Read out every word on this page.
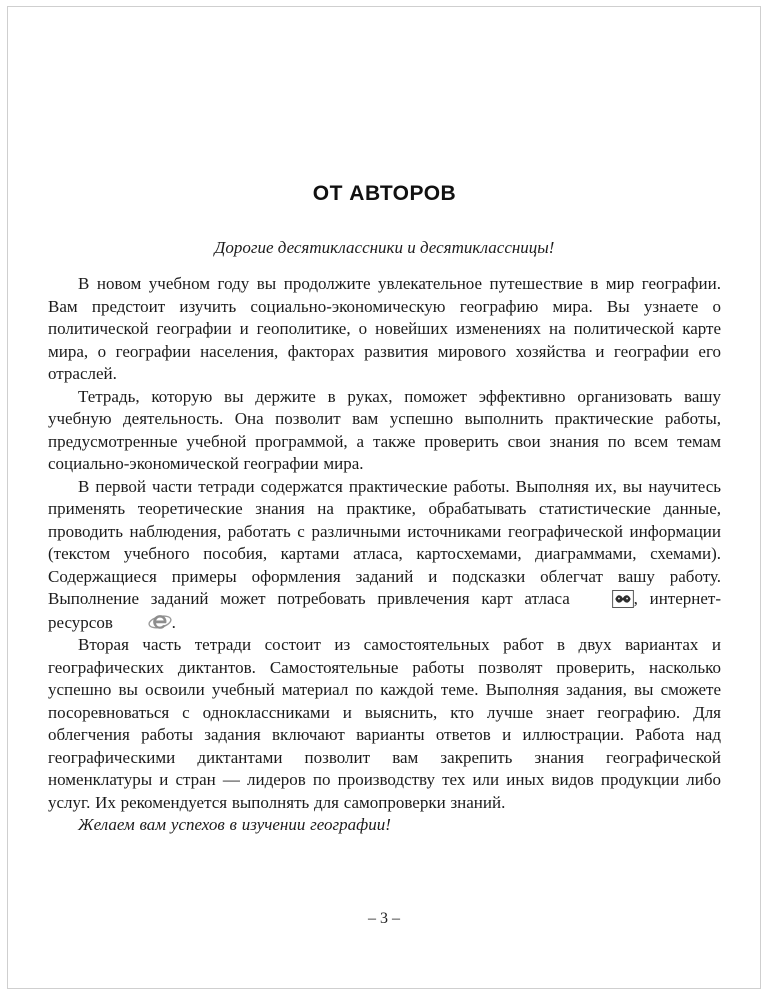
ОТ АВТОРОВ

Дорогие десятиклассники и десятиклассницы!

В новом учебном году вы продолжите увлекательное путешествие в мир географии. Вам предстоит изучить социально-экономическую географию мира. Вы узнаете о политической географии и геополитике, о новейших изменениях на политической карте мира, о географии населения, факторах развития мирового хозяйства и географии его отраслей.

Тетрадь, которую вы держите в руках, поможет эффективно организовать вашу учебную деятельность. Она позволит вам успешно выполнить практические работы, предусмотренные учебной программой, а также проверить свои знания по всем темам социально-экономической географии мира.

В первой части тетради содержатся практические работы. Выполняя их, вы научитесь применять теоретические знания на практике, обрабатывать статистические данные, проводить наблюдения, работать с различными источниками географической информации (текстом учебного пособия, картами атласа, картосхемами, диаграммами, схемами). Содержащиеся примеры оформления заданий и подсказки облегчат вашу работу. Выполнение заданий может потребовать привлечения карт атласа	, интернет-ресурсов	.

Вторая часть тетради состоит из самостоятельных работ в двух вариантах и географических диктантов. Самостоятельные работы позволят проверить, насколько успешно вы освоили учебный материал по каждой теме. Выполняя задания, вы сможете посоревноваться с одноклассниками и выяснить, кто лучше знает географию. Для облегчения работы задания включают варианты ответов и иллюстрации. Работа над географическими диктантами позволит вам закрепить знания географической номенклатуры и стран — лидеров по производству тех или иных видов продукции либо услуг. Их рекомендуется выполнять для самопроверки знаний.

Желаем вам успехов в изучении географии!

– 3 –
